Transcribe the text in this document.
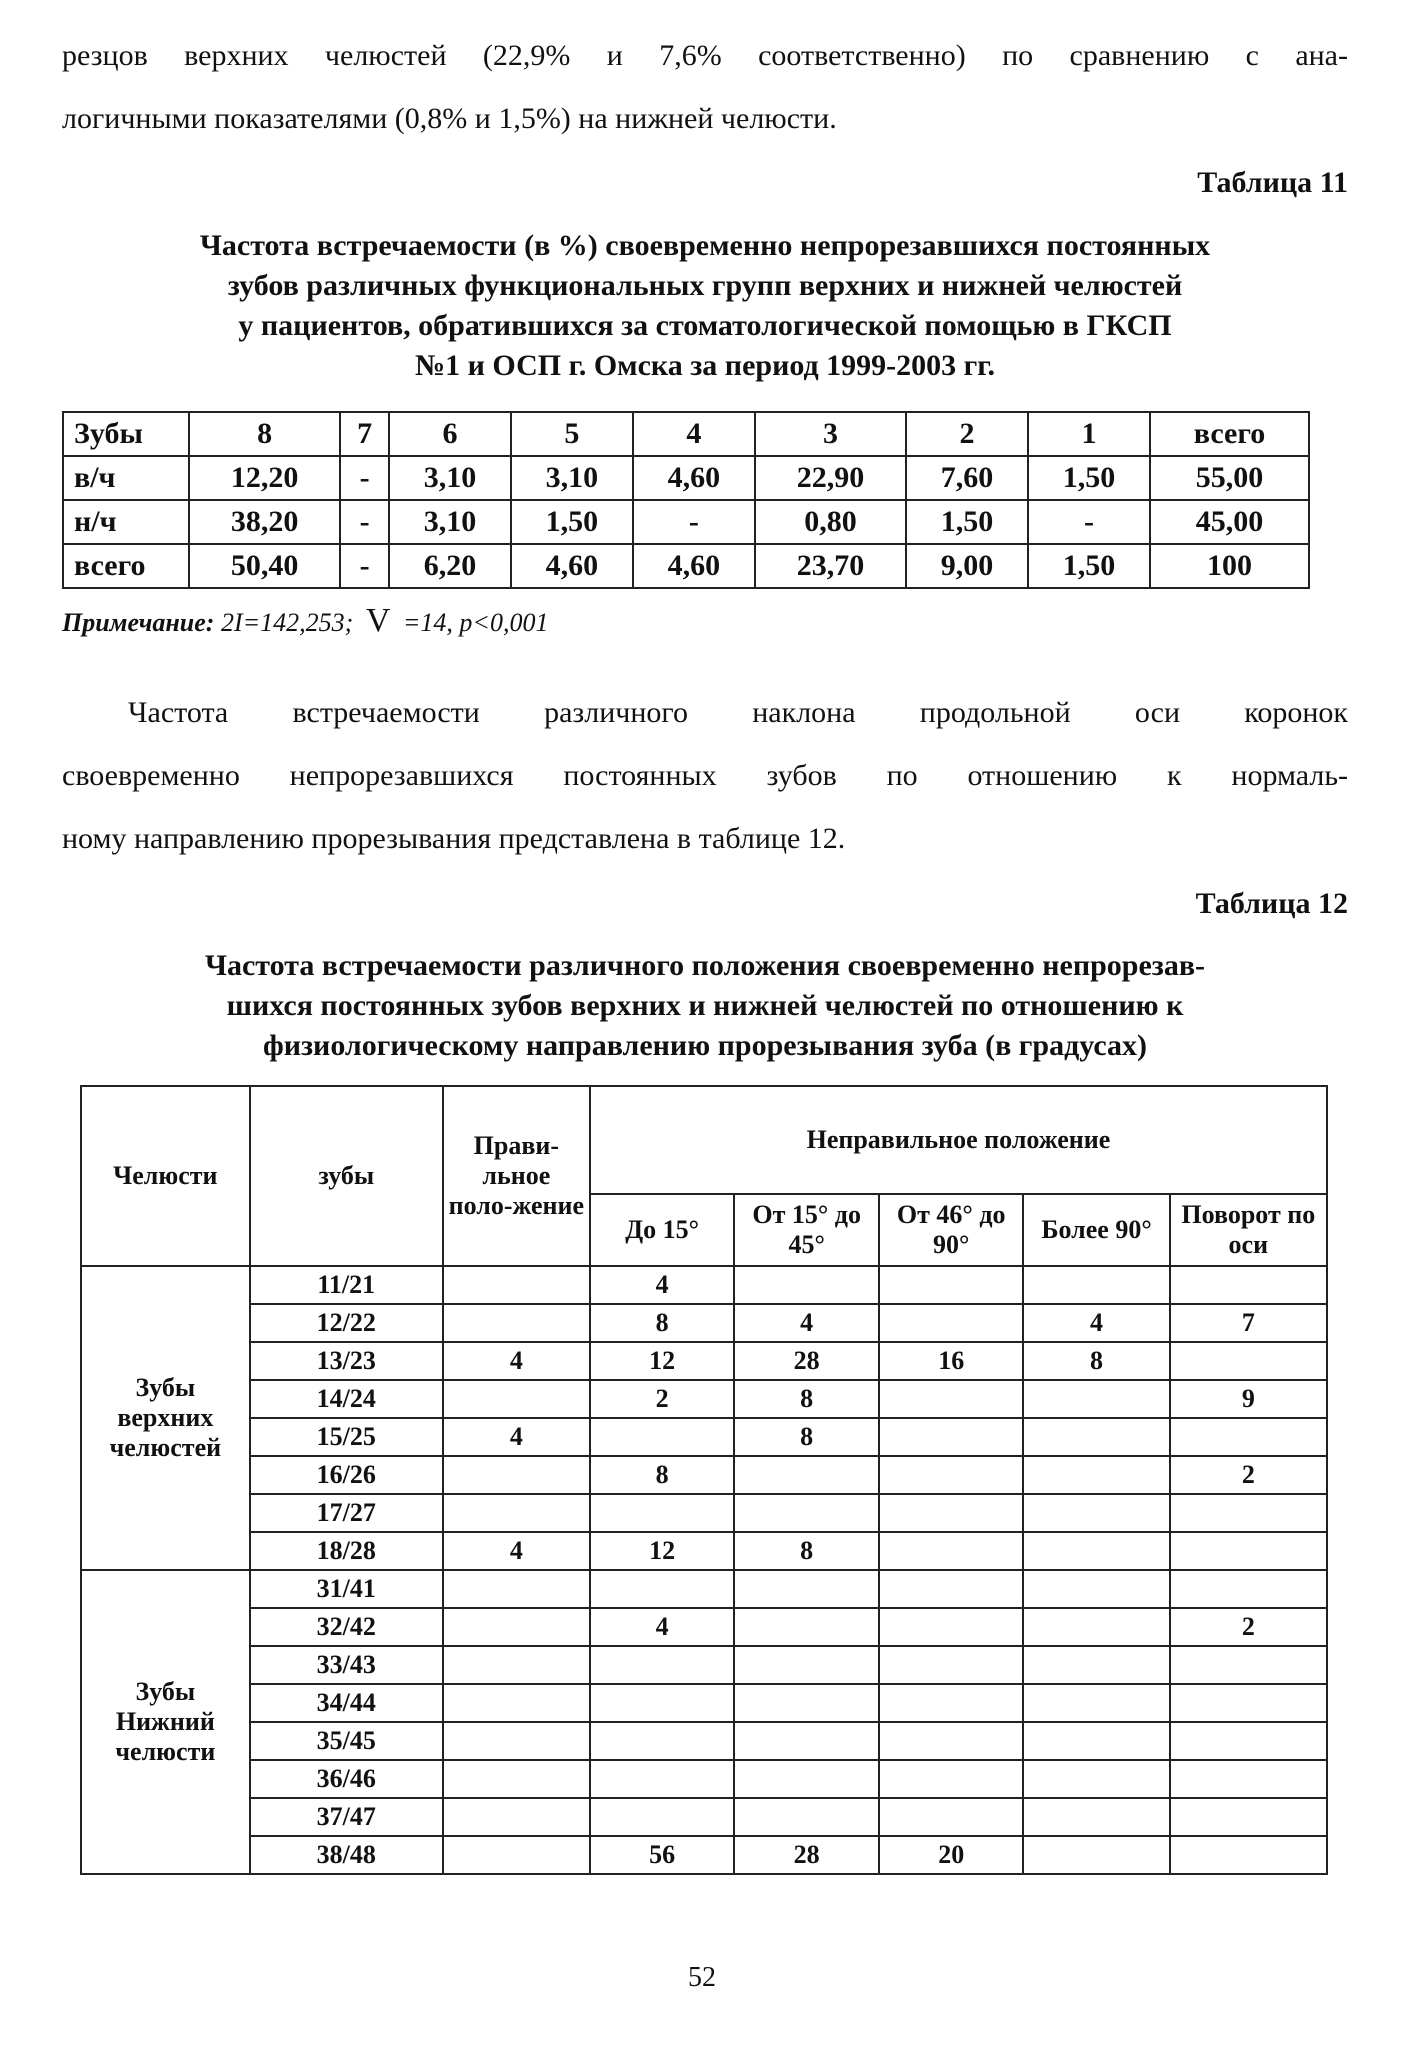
резцов верхних челюстей (22,9% и 7,6% соответственно) по сравнению с ана-
логичными показателями (0,8% и 1,5%) на нижней челюсти.
Таблица 11
Частота встречаемости (в %) своевременно непрорезавшихся постоянных
зубов различных функциональных групп верхних и нижней челюстей
у пациентов, обратившихся за стоматологической помощью в ГКСП
№1 и ОСП г. Омска за период 1999-2003 гг.
Зубы	8	7	6	5	4	3	2	1	всего
в/ч	12,20	-	3,10	3,10	4,60	22,90	7,60	1,50	55,00
н/ч	38,20	-	3,10	1,50	-	0,80	1,50	-	45,00
всего	50,40	-	6,20	4,60	4,60	23,70	9,00	1,50	100
Примечание: 2I=142,253; V =14, p<0,001
Частота встречаемости различного наклона продольной оси коронок
своевременно непрорезавшихся постоянных зубов по отношению к нормаль-
ному направлению прорезывания представлена в таблице 12.
Таблица 12
Частота встречаемости различного положения своевременно непрорезав-
шихся постоянных зубов верхних и нижней челюстей по отношению к
физиологическому направлению прорезывания зуба (в градусах)
Челюсти	зубы	Прави-льное поло-жение	Неправильное положение				
			До 15°	От 15° до 45°	От 46° до 90°	Более 90°	Поворот по оси
Зубы верхних челюстей	11/21		4				
	12/22		8	4		4	7
	13/23	4	12	28	16	8	
	14/24		2	8			9
	15/25	4		8			
	16/26		8				2
	17/27						
	18/28	4	12	8			
Зубы Нижний челюсти	31/41						
	32/42		4				2
	33/43						
	34/44						
	35/45						
	36/46						
	37/47						
	38/48		56	28	20		
52
